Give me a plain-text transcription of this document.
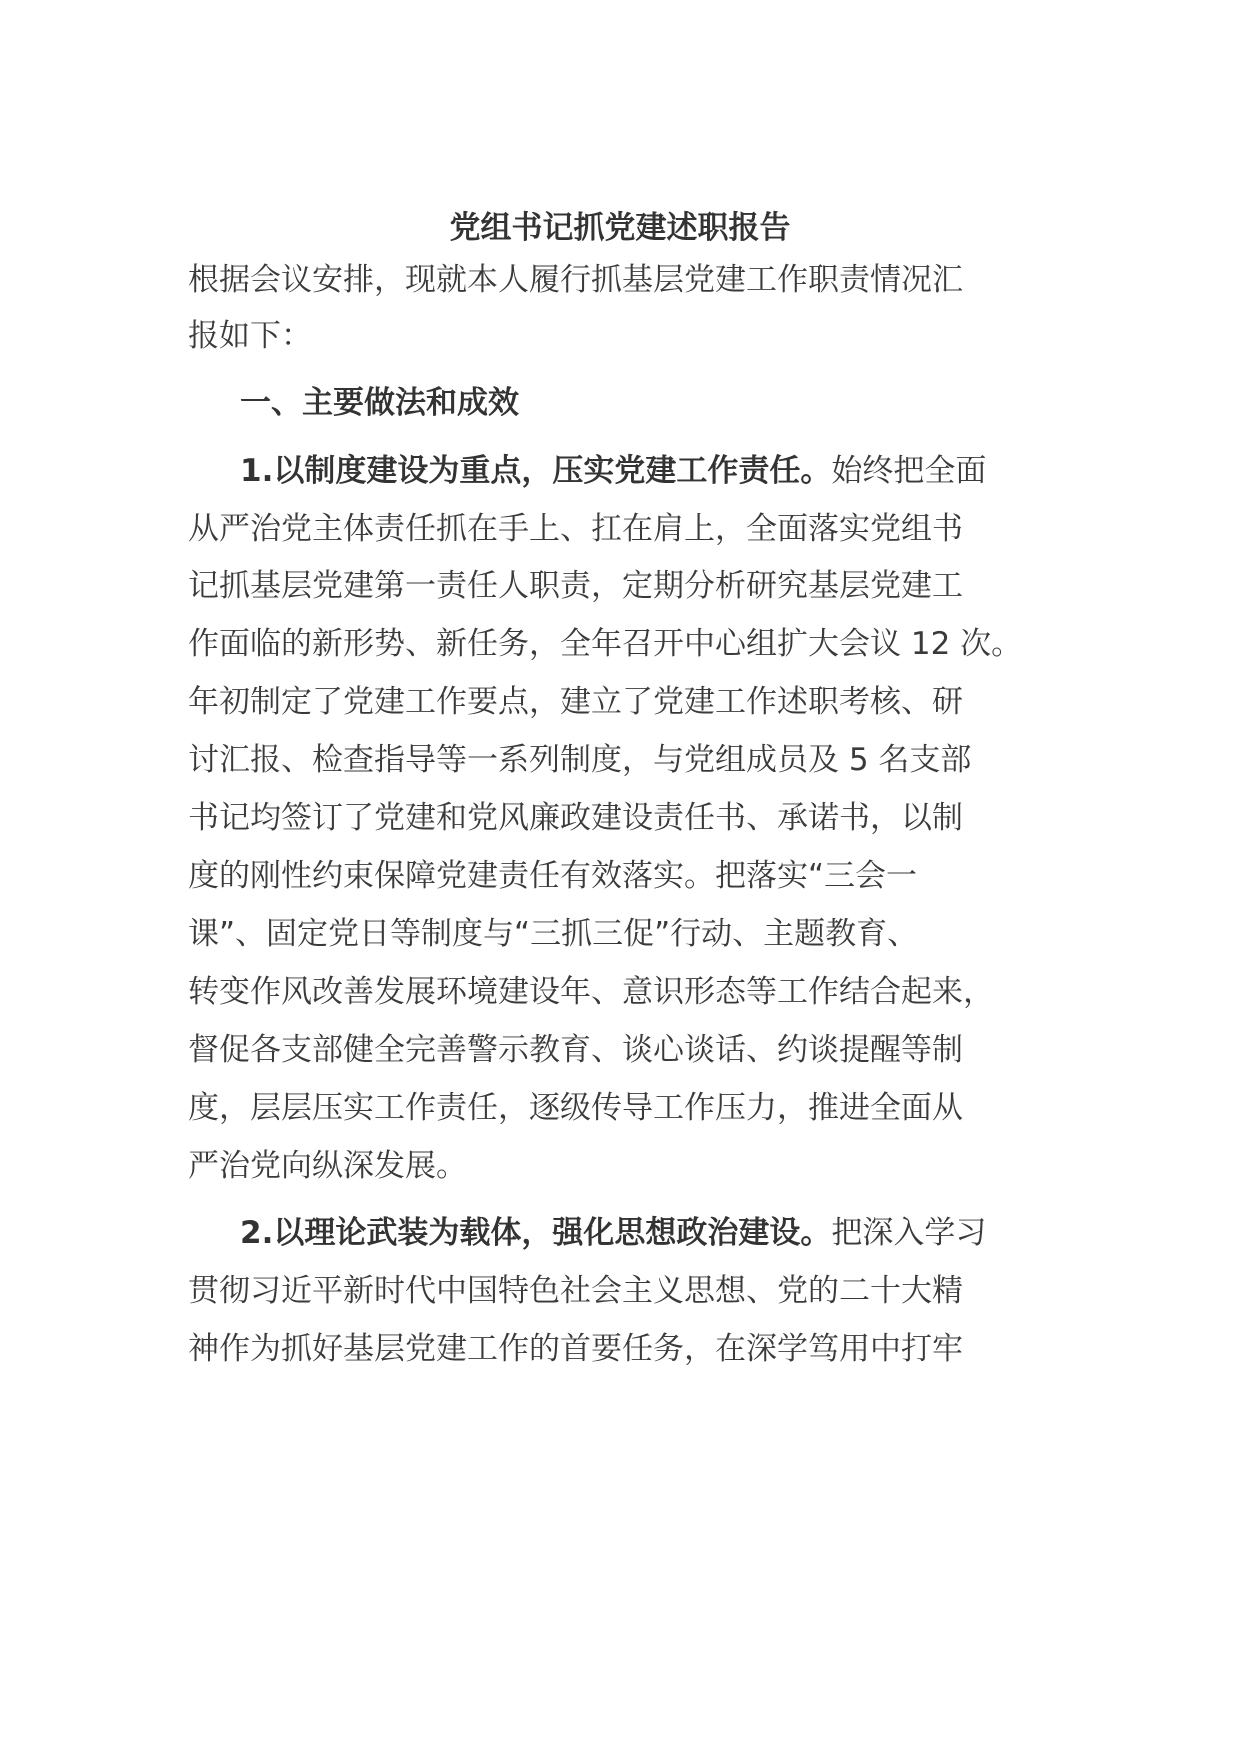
党组书记抓党建述职报告
根据会议安排，现就本人履行抓基层党建工作职责情况汇
报如下：
一、主要做法和成效
1.以制度建设为重点，压实党建工作责任。始终把全面
从严治党主体责任抓在手上、扛在肩上，全面落实党组书
记抓基层党建第一责任人职责，定期分析研究基层党建工
作面临的新形势、新任务，全年召开中心组扩大会议 12 次。
年初制定了党建工作要点，建立了党建工作述职考核、研
讨汇报、检查指导等一系列制度，与党组成员及 5 名支部
书记均签订了党建和党风廉政建设责任书、承诺书，以制
度的刚性约束保障党建责任有效落实。把落实“三会一
课”、固定党日等制度与“三抓三促”行动、主题教育、
转变作风改善发展环境建设年、意识形态等工作结合起来，
督促各支部健全完善警示教育、谈心谈话、约谈提醒等制
度，层层压实工作责任，逐级传导工作压力，推进全面从
严治党向纵深发展。
2.以理论武装为载体，强化思想政治建设。把深入学习
贯彻习近平新时代中国特色社会主义思想、党的二十大精
神作为抓好基层党建工作的首要任务，在深学笃用中打牢
